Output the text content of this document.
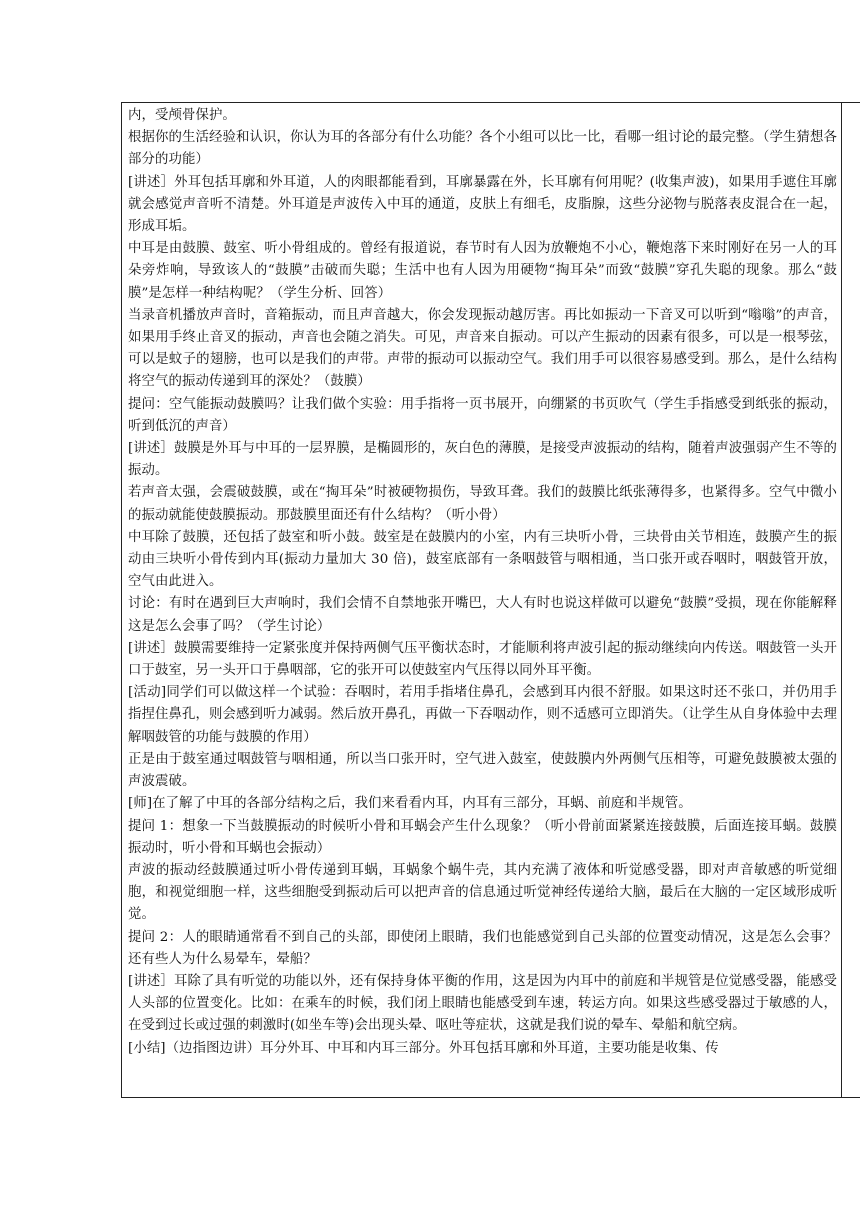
内，受颅骨保护。

根据你的生活经验和认识，你认为耳的各部分有什么功能？各个小组可以比一比，看哪一组讨论的最完整。（学生猜想各部分的功能）

[讲述］外耳包括耳廓和外耳道，人的肉眼都能看到，耳廓暴露在外，长耳廓有何用呢？(收集声波)，如果用手遮住耳廓就会感觉声音听不清楚。外耳道是声波传入中耳的通道，皮肤上有细毛，皮脂腺，这些分泌物与脱落表皮混合在一起，形成耳垢。

中耳是由鼓膜、鼓室、听小骨组成的。曾经有报道说，春节时有人因为放鞭炮不小心，鞭炮落下来时刚好在另一人的耳朵旁炸响，导致该人的“鼓膜”击破而失聪；生活中也有人因为用硬物“掏耳朵”而致“鼓膜”穿孔失聪的现象。那么“鼓膜”是怎样一种结构呢？（学生分析、回答）

当录音机播放声音时，音箱振动，而且声音越大，你会发现振动越厉害。再比如振动一下音叉可以听到“嗡嗡”的声音，如果用手终止音叉的振动，声音也会随之消失。可见，声音来自振动。可以产生振动的因素有很多，可以是一根琴弦，可以是蚊子的翅膀，也可以是我们的声带。声带的振动可以振动空气。我们用手可以很容易感受到。那么，是什么结构将空气的振动传递到耳的深处？（鼓膜）

提问：空气能振动鼓膜吗？让我们做个实验：用手指将一页书展开，向绷紧的书页吹气（学生手指感受到纸张的振动，听到低沉的声音）

[讲述］鼓膜是外耳与中耳的一层界膜，是椭圆形的，灰白色的薄膜，是接受声波振动的结构，随着声波强弱产生不等的振动。

若声音太强，会震破鼓膜，或在“掏耳朵”时被硬物损伤，导致耳聋。我们的鼓膜比纸张薄得多，也紧得多。空气中微小的振动就能使鼓膜振动。那鼓膜里面还有什么结构？（听小骨）

中耳除了鼓膜，还包括了鼓室和听小鼓。鼓室是在鼓膜内的小室，内有三块听小骨，三块骨由关节相连，鼓膜产生的振动由三块听小骨传到内耳(振动力量加大 30 倍)，鼓室底部有一条咽鼓管与咽相通，当口张开或吞咽时，咽鼓管开放，空气由此进入。

讨论：有时在遇到巨大声响时，我们会情不自禁地张开嘴巴，大人有时也说这样做可以避免“鼓膜”受损，现在你能解释这是怎么会事了吗？（学生讨论）

[讲述］鼓膜需要维持一定紧张度并保持两侧气压平衡状态时，才能顺利将声波引起的振动继续向内传送。咽鼓管一头开口于鼓室，另一头开口于鼻咽部，它的张开可以使鼓室内气压得以同外耳平衡。

[活动]同学们可以做这样一个试验：吞咽时，若用手指堵住鼻孔，会感到耳内很不舒服。如果这时还不张口，并仍用手指捏住鼻孔，则会感到听力减弱。然后放开鼻孔，再做一下吞咽动作，则不适感可立即消失。（让学生从自身体验中去理解咽鼓管的功能与鼓膜的作用）

正是由于鼓室通过咽鼓管与咽相通，所以当口张开时，空气进入鼓室，使鼓膜内外两侧气压相等，可避免鼓膜被太强的声波震破。

[师]在了解了中耳的各部分结构之后，我们来看看内耳，内耳有三部分，耳蜗、前庭和半规管。

提问 1：想象一下当鼓膜振动的时候听小骨和耳蜗会产生什么现象？（听小骨前面紧紧连接鼓膜，后面连接耳蜗。鼓膜振动时，听小骨和耳蜗也会振动）

声波的振动经鼓膜通过听小骨传递到耳蜗，耳蜗象个蜗牛壳，其内充满了液体和听觉感受器，即对声音敏感的听觉细胞，和视觉细胞一样，这些细胞受到振动后可以把声音的信息通过听觉神经传递给大脑，最后在大脑的一定区域形成听觉。

提问 2：人的眼睛通常看不到自己的头部，即使闭上眼睛，我们也能感觉到自己头部的位置变动情况，这是怎么会事？还有些人为什么易晕车，晕船？

[讲述］耳除了具有听觉的功能以外，还有保持身体平衡的作用，这是因为内耳中的前庭和半规管是位觉感受器，能感受人头部的位置变化。比如：在乘车的时候，我们闭上眼睛也能感受到车速，转运方向。如果这些感受器过于敏感的人，在受到过长或过强的刺激时(如坐车等)会出现头晕、呕吐等症状，这就是我们说的晕车、晕船和航空病。

[小结]（边指图边讲）耳分外耳、中耳和内耳三部分。外耳包括耳廓和外耳道，主要功能是收集、传
